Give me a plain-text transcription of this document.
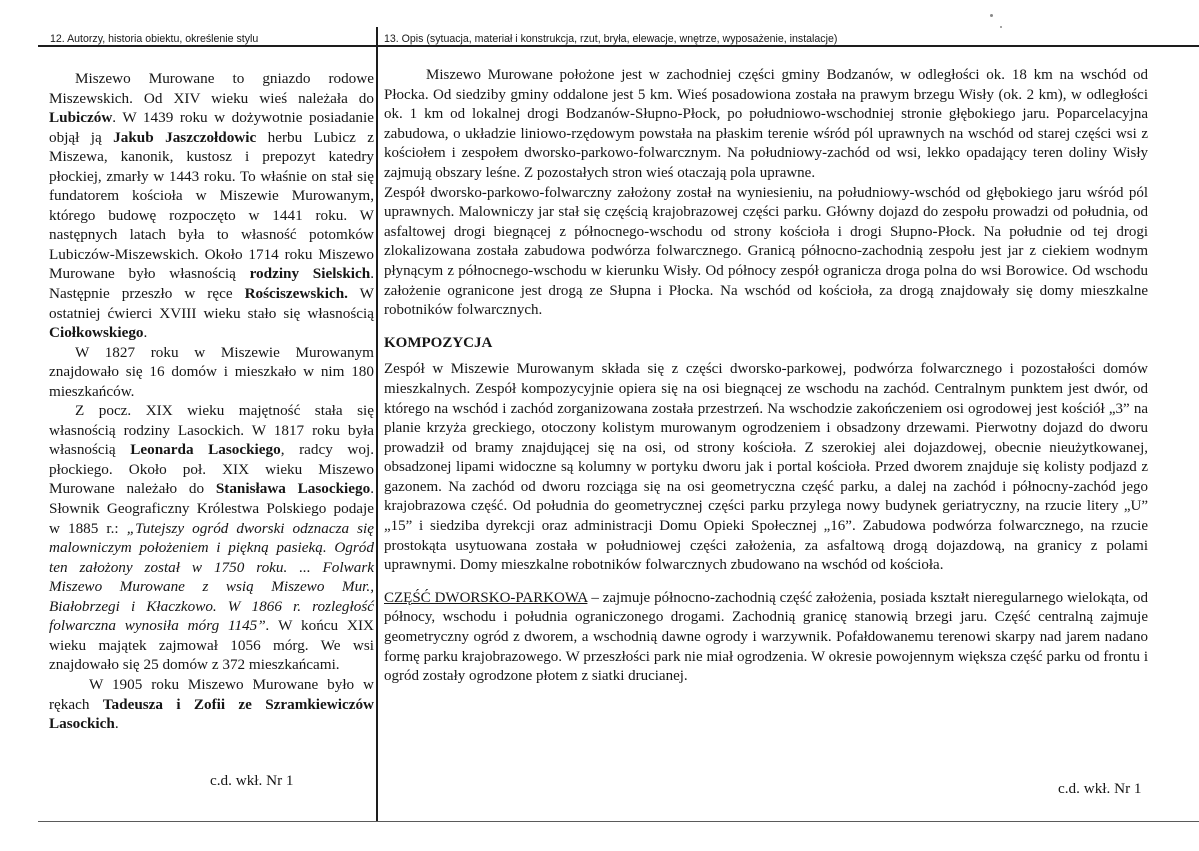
12. Autorzy, historia obiektu, określenie stylu	13. Opis (sytuacja, materiał i konstrukcja, rzut, bryła, elewacje, wnętrze, wyposażenie, instalacje)

Miszewo Murowane to gniazdo rodowe Miszewskich. Od XIV wieku wieś należała do Lubiczów. W 1439 roku w dożywotnie posiadanie objął ją Jakub Jaszczołdowic herbu Lubicz z Miszewa, kanonik, kustosz i prepozyt katedry płockiej, zmarły w 1443 roku. To właśnie on stał się fundatorem kościoła w Miszewie Murowanym, którego budowę rozpoczęto w 1441 roku. W następnych latach była to własność potomków Lubiczów-Miszewskich. Około 1714 roku Miszewo Murowane było własnością rodziny Sielskich. Następnie przeszło w ręce Rościszewskich. W ostatniej ćwierci XVIII wieku stało się własnością Ciołkowskiego.

W 1827 roku w Miszewie Murowanym znajdowało się 16 domów i mieszkało w nim 180 mieszkańców.

Z pocz. XIX wieku majętność stała się własnością rodziny Lasockich. W 1817 roku była własnością Leonarda Lasockiego, radcy woj. płockiego. Około poł. XIX wieku Miszewo Murowane należało do Stanisława Lasockiego. Słownik Geograficzny Królestwa Polskiego podaje w 1885 r.: „Tutejszy ogród dworski odznacza się malowniczym położeniem i piękną pasieką. Ogród ten założony został w 1750 roku. ... Folwark Miszewo Murowane z wsią Miszewo Mur., Białobrzegi i Kłaczkowo. W 1866 r. rozległość folwarczna wynosiła mórg 1145”. W końcu XIX wieku majątek zajmował 1056 mórg. We wsi znajdowało się 25 domów z 372 mieszkańcami.

W 1905 roku Miszewo Murowane było w rękach Tadeusza i Zofii ze Szramkiewiczów Lasockich.

c.d. wkł. Nr 1

Miszewo Murowane położone jest w zachodniej części gminy Bodzanów, w odległości ok. 18 km na wschód od Płocka. Od siedziby gminy oddalone jest 5 km. Wieś posadowiona została na prawym brzegu Wisły (ok. 2 km), w odległości ok. 1 km od lokalnej drogi Bodzanów-Słupno-Płock, po południowo-wschodniej stronie głębokiego jaru. Poparcelacyjna zabudowa, o układzie liniowo-rzędowym powstała na płaskim terenie wśród pól uprawnych na wschód od starej części wsi z kościołem i zespołem dworsko-parkowo-folwarcznym. Na południowy-zachód od wsi, lekko opadający teren doliny Wisły zajmują obszary leśne. Z pozostałych stron wieś otaczają pola uprawne.

Zespół dworsko-parkowo-folwarczny założony został na wyniesieniu, na południowy-wschód od głębokiego jaru wśród pól uprawnych. Malowniczy jar stał się częścią krajobrazowej części parku. Główny dojazd do zespołu prowadzi od południa, od asfaltowej drogi biegnącej z północnego-wschodu od strony kościoła i drogi Słupno-Płock. Na południe od tej drogi zlokalizowana została zabudowa podwórza folwarcznego. Granicą północno-zachodnią zespołu jest jar z ciekiem wodnym płynącym z północnego-wschodu w kierunku Wisły. Od północy zespół ogranicza droga polna do wsi Borowice. Od wschodu założenie ogranicone jest drogą ze Słupna i Płocka. Na wschód od kościoła, za drogą znajdowały się domy mieszkalne robotników folwarcznych.

KOMPOZYCJA

Zespół w Miszewie Murowanym składa się z części dworsko-parkowej, podwórza folwarcznego i pozostałości domów mieszkalnych. Zespół kompozycyjnie opiera się na osi biegnącej ze wschodu na zachód. Centralnym punktem jest dwór, od którego na wschód i zachód zorganizowana została przestrzeń. Na wschodzie zakończeniem osi ogrodowej jest kościół „3” na planie krzyża greckiego, otoczony kolistym murowanym ogrodzeniem i obsadzony drzewami. Pierwotny dojazd do dworu prowadził od bramy znajdującej się na osi, od strony kościoła. Z szerokiej alei dojazdowej, obecnie nieużytkowanej, obsadzonej lipami widocznе są kolumny w portyku dworu jak i portal kościoła. Przed dworem znajduje się kolisty podjazd z gazonem. Na zachód od dworu rozciąga się na osi geometryczna część parku, a dalej na zachód i północny-zachód jego krajobrazowa część. Od południa do geometrycznej części parku przylega nowy budynek geriatryczny, na rzucie litery „U” „15” i siedziba dyrekcji oraz administracji Domu Opieki Społecznej „16”. Zabudowa podwórza folwarcznego, na rzucie prostokąta usytuowana została w południowej części założenia, za asfaltową drogą dojazdową, na granicy z polami uprawnymi. Domy mieszkalne robotników folwarcznych zbudowano na wschód od kościoła.

CZĘŚĆ DWORSKO-PARKOWA – zajmuje północno-zachodnią część założenia, posiada kształt nieregularnego wielokąta, od północy, wschodu i południa ograniczonego drogami. Zachodnią granicę stanowią brzegi jaru. Część centralną zajmuje geometryczny ogród z dworem, a wschodnią dawne ogrody i warzywnik. Pofałdowanemu terenowi skarpy nad jarem nadano formę parku krajobrazowego. W przeszłości park nie miał ogrodzenia. W okresie powojennym większa część parku od frontu i ogród zostały ogrodzone płotem z siatki drucianej.

c.d. wkł. Nr 1
